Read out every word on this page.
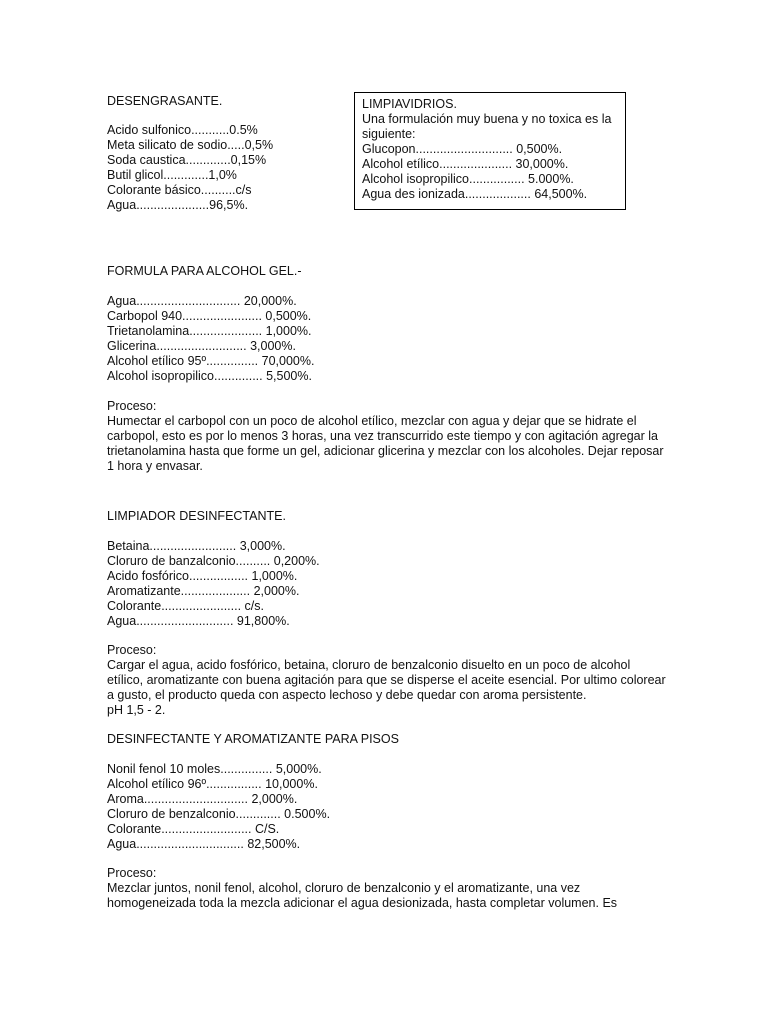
DESENGRASANTE.
Acido sulfonico...........0.5%
Meta silicato de sodio.....0,5%
Soda caustica.............0,15%
Butil glicol.............1,0%
Colorante básico..........c/s
Agua.....................96,5%.
LIMPIAVIDRIOS.
Una formulación muy buena y no toxica es la
siguiente:
Glucopon............................ 0,500%.
Alcohol etílico..................... 30,000%.
Alcohol isopropilico................ 5.000%.
Agua des ionizada................... 64,500%.
FORMULA PARA ALCOHOL GEL.-
Agua.............................. 20,000%.
Carbopol 940....................... 0,500%.
Trietanolamina..................... 1,000%.
Glicerina.......................... 3,000%.
Alcohol etílico 95º............... 70,000%.
Alcohol isopropilico.............. 5,500%.
Proceso:
Humectar el carbopol con un poco de alcohol etílico, mezclar con agua y dejar que se hidrate el carbopol, esto es por lo menos 3 horas, una vez transcurrido este tiempo y con agitación agregar la trietanolamina hasta que forme un gel, adicionar glicerina y mezclar con los alcoholes. Dejar reposar 1 hora y envasar.
LIMPIADOR DESINFECTANTE.
Betaina......................... 3,000%.
Cloruro de banzalconio.......... 0,200%.
Acido fosfórico................. 1,000%.
Aromatizante.................... 2,000%.
Colorante....................... c/s.
Agua............................ 91,800%.
Proceso:
Cargar el agua, acido fosfórico, betaina, cloruro de benzalconio disuelto en un poco de alcohol etílico, aromatizante con buena agitación para que se disperse el aceite esencial. Por ultimo colorear a gusto, el producto queda con aspecto lechoso y debe quedar con aroma persistente.
pH 1,5 - 2.
DESINFECTANTE Y AROMATIZANTE PARA PISOS
Nonil fenol 10 moles............... 5,000%.
Alcohol etílico 96º................ 10,000%.
Aroma.............................. 2,000%.
Cloruro de benzalconio............. 0.500%.
Colorante.......................... C/S.
Agua............................... 82,500%.
Proceso:
Mezclar juntos, nonil fenol, alcohol, cloruro de benzalconio y el aromatizante, una vez homogeneizada toda la mezcla adicionar el agua desionizada, hasta completar volumen. Es
